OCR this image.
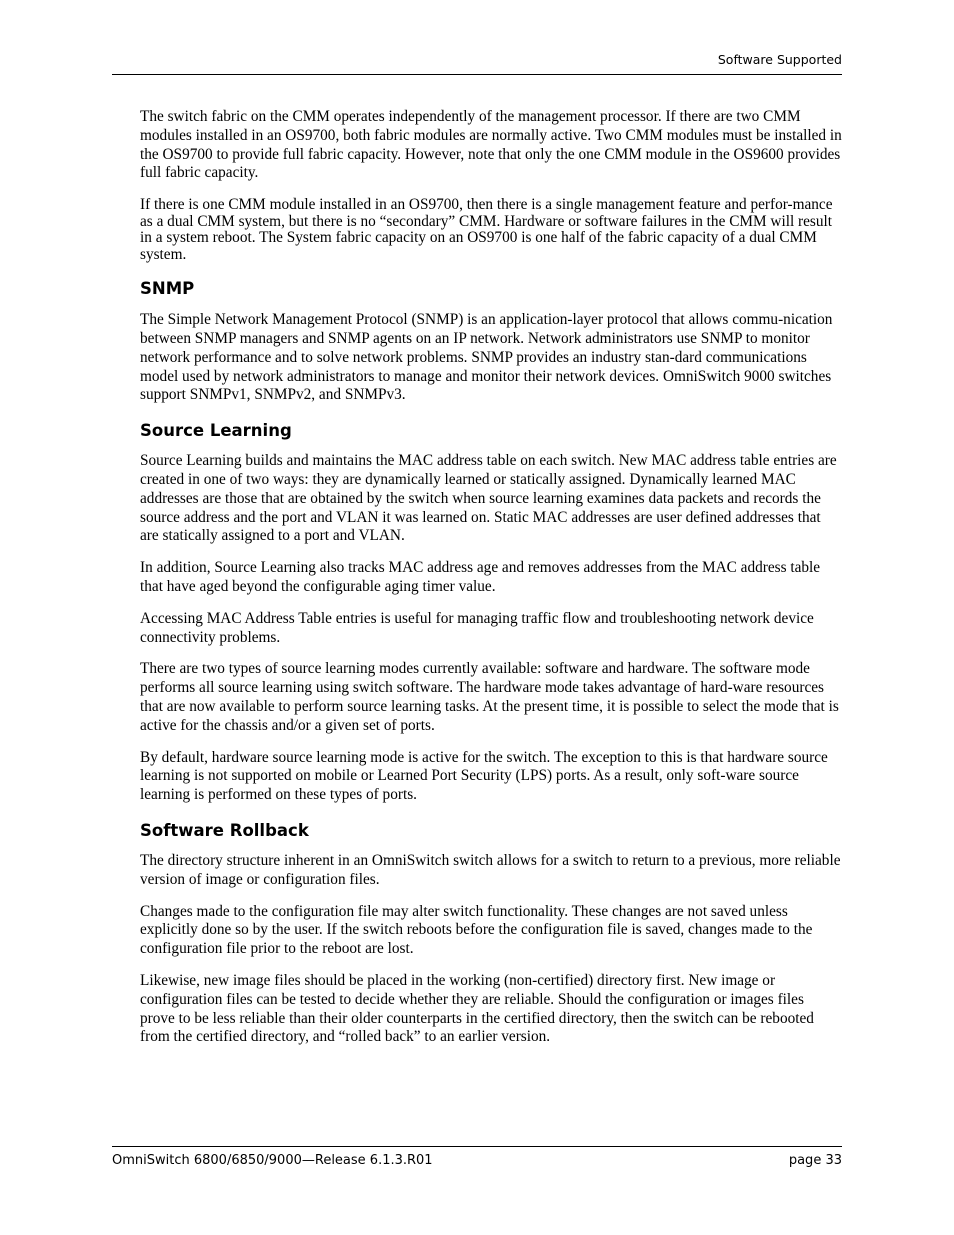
Software Supported

The switch fabric on the CMM operates independently of the management processor. If there are two CMM modules installed in an OS9700, both fabric modules are normally active. Two CMM modules must be installed in the OS9700 to provide full fabric capacity. However, note that only the one CMM module in the OS9600 provides full fabric capacity.

If there is one CMM module installed in an OS9700, then there is a single management feature and perfor-mance as a dual CMM system, but there is no “secondary” CMM. Hardware or software failures in the CMM will result in a system reboot. The System fabric capacity on an OS9700 is one half of the fabric capacity of a dual CMM system.

SNMP

The Simple Network Management Protocol (SNMP) is an application-layer protocol that allows commu-nication between SNMP managers and SNMP agents on an IP network. Network administrators use SNMP to monitor network performance and to solve network problems. SNMP provides an industry stan-dard communications model used by network administrators to manage and monitor their network devices. OmniSwitch 9000 switches support SNMPv1, SNMPv2, and SNMPv3.

Source Learning

Source Learning builds and maintains the MAC address table on each switch. New MAC address table entries are created in one of two ways: they are dynamically learned or statically assigned. Dynamically learned MAC addresses are those that are obtained by the switch when source learning examines data packets and records the source address and the port and VLAN it was learned on. Static MAC addresses are user defined addresses that are statically assigned to a port and VLAN.

In addition, Source Learning also tracks MAC address age and removes addresses from the MAC address table that have aged beyond the configurable aging timer value.

Accessing MAC Address Table entries is useful for managing traffic flow and troubleshooting network device connectivity problems.

There are two types of source learning modes currently available: software and hardware. The software mode performs all source learning using switch software. The hardware mode takes advantage of hard-ware resources that are now available to perform source learning tasks. At the present time, it is possible to select the mode that is active for the chassis and/or a given set of ports.

By default, hardware source learning mode is active for the switch. The exception to this is that hardware source learning is not supported on mobile or Learned Port Security (LPS) ports. As a result, only soft-ware source learning is performed on these types of ports.

Software Rollback

The directory structure inherent in an OmniSwitch switch allows for a switch to return to a previous, more reliable version of image or configuration files.

Changes made to the configuration file may alter switch functionality. These changes are not saved unless explicitly done so by the user. If the switch reboots before the configuration file is saved, changes made to the configuration file prior to the reboot are lost.

Likewise, new image files should be placed in the working (non-certified) directory first. New image or configuration files can be tested to decide whether they are reliable. Should the configuration or images files prove to be less reliable than their older counterparts in the certified directory, then the switch can be rebooted from the certified directory, and “rolled back” to an earlier version.

OmniSwitch 6800/6850/9000—Release 6.1.3.R01	page 33
